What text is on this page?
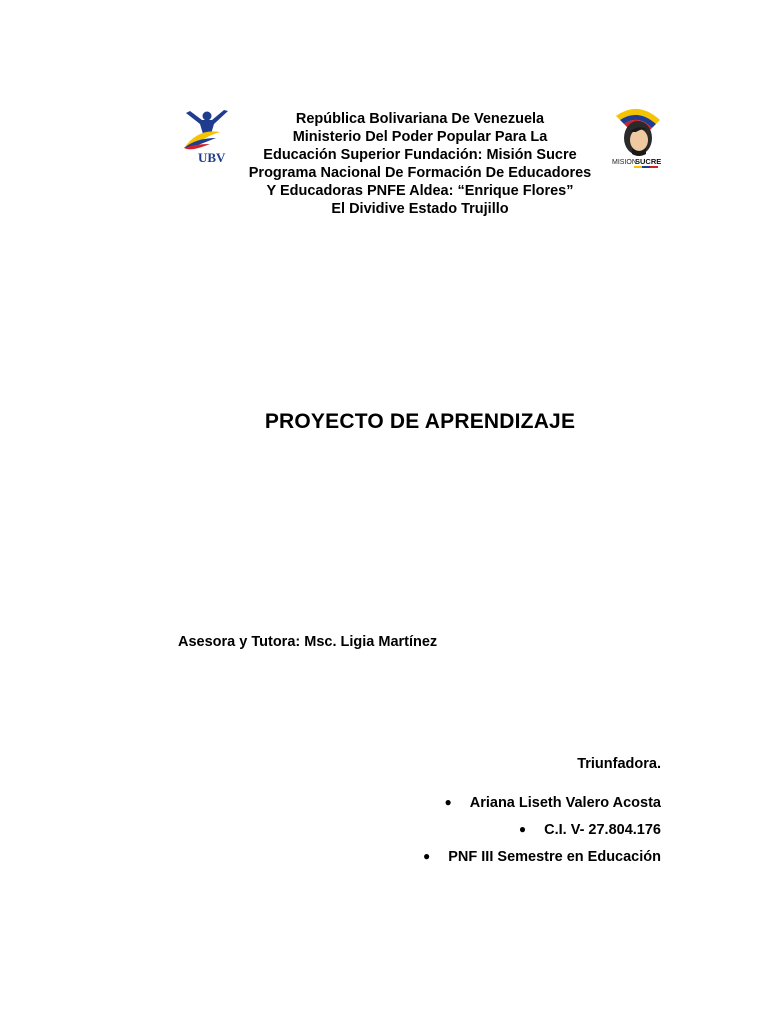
UBV	MISION
SUCRE
República Bolivariana De Venezuela
Ministerio Del Poder Popular Para La
Educación Superior Fundación: Misión Sucre
Programa Nacional De Formación De Educadores
Y Educadoras PNFE Aldea: “Enrique Flores”
El Dividive Estado Trujillo
PROYECTO DE APRENDIZAJE
Asesora y Tutora: Msc. Ligia Martínez
Triunfadora.
● Ariana Liseth Valero Acosta
● C.I. V- 27.804.176
● PNF III Semestre en Educación
